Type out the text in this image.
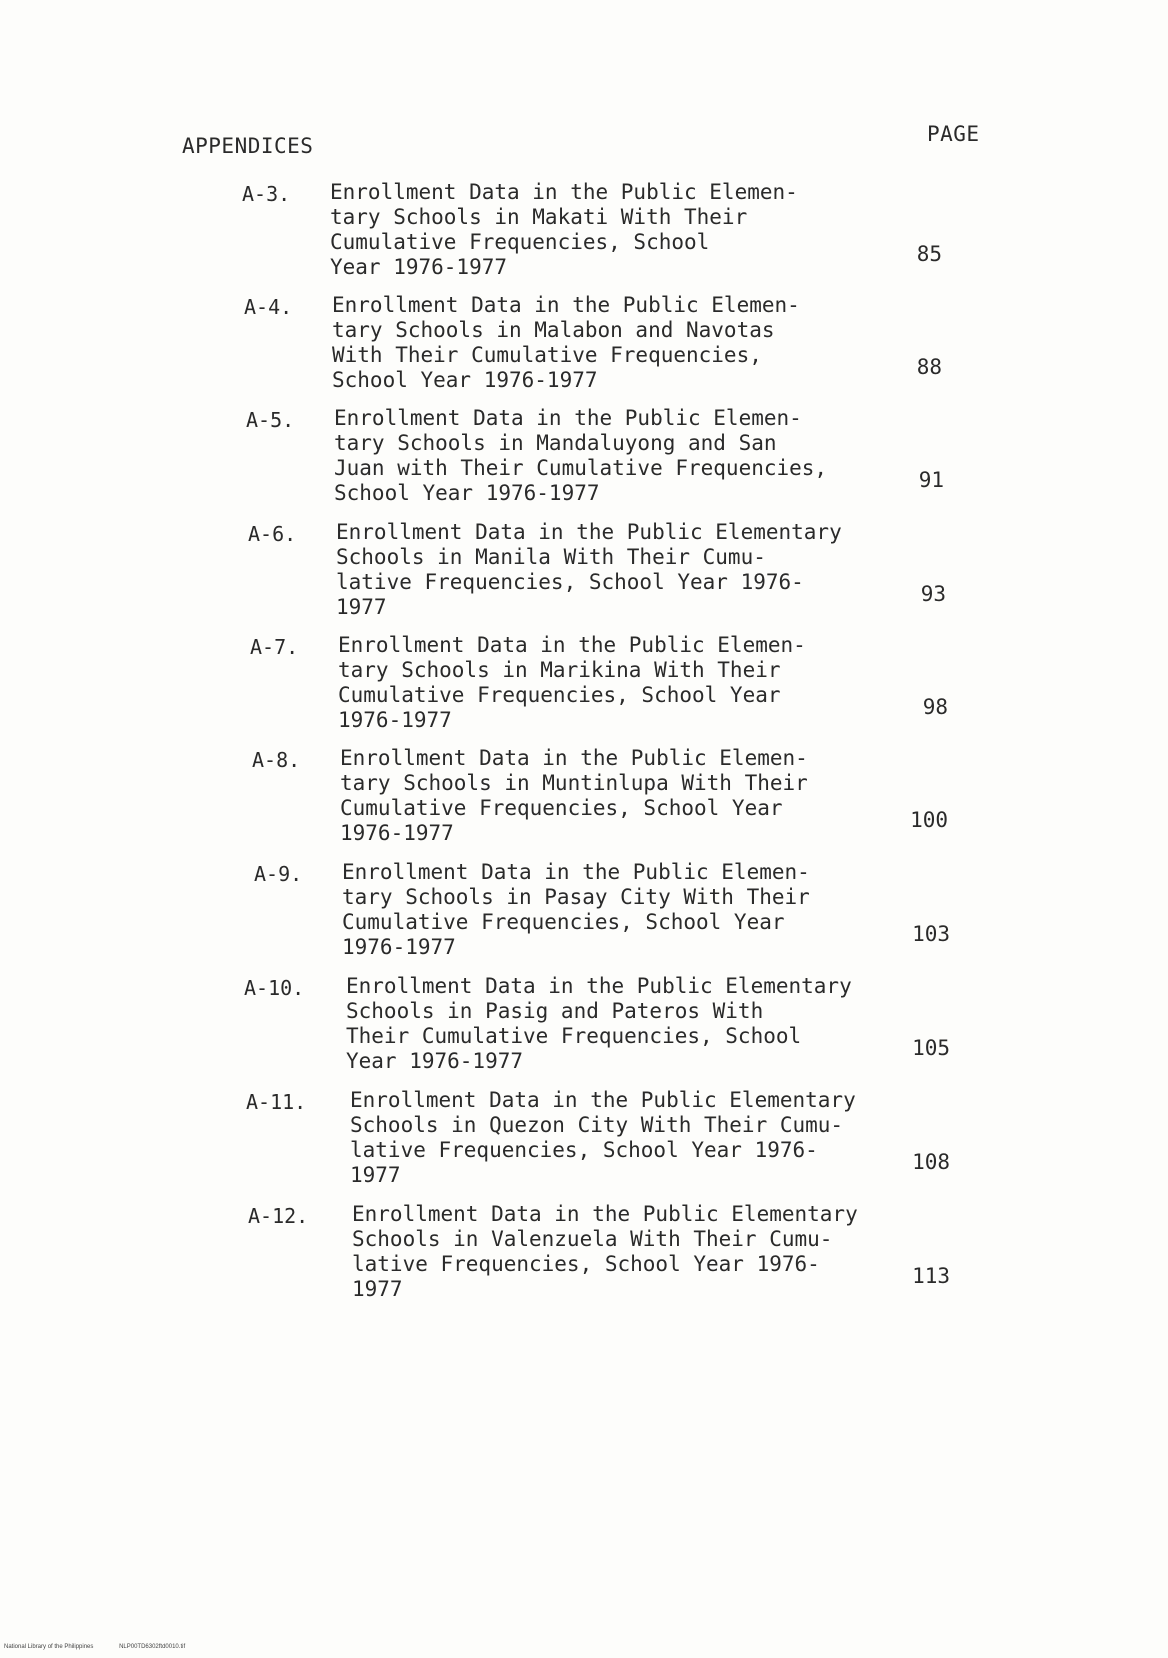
APPENDICES	PAGE
A-3. Enrollment Data in the Public Elemen-
tary Schools in Makati With Their
Cumulative Frequencies, School
Year 1976-1977
85
A-4. Enrollment Data in the Public Elemen-
tary Schools in Malabon and Navotas
With Their Cumulative Frequencies,
School Year 1976-1977
88
A-5. Enrollment Data in the Public Elemen-
tary Schools in Mandaluyong and San
Juan with Their Cumulative Frequencies,
School Year 1976-1977
91
A-6. Enrollment Data in the Public Elementary
Schools in Manila With Their Cumu-
lative Frequencies, School Year 1976-
1977
93
A-7. Enrollment Data in the Public Elemen-
tary Schools in Marikina With Their
Cumulative Frequencies, School Year
1976-1977
98
A-8. Enrollment Data in the Public Elemen-
tary Schools in Muntinlupa With Their
Cumulative Frequencies, School Year
1976-1977
100
A-9. Enrollment Data in the Public Elemen-
tary Schools in Pasay City With Their
Cumulative Frequencies, School Year
1976-1977
103
A-10. Enrollment Data in the Public Elementary
Schools in Pasig and Pateros With
Their Cumulative Frequencies, School
Year 1976-1977
105
A-11. Enrollment Data in the Public Elementary
Schools in Quezon City With Their Cumu-
lative Frequencies, School Year 1976-
1977
108
A-12. Enrollment Data in the Public Elementary
Schools in Valenzuela With Their Cumu-
lative Frequencies, School Year 1976-
1977
113
National Library of the Philippines	NLP00TD6302ftd0010.tif
